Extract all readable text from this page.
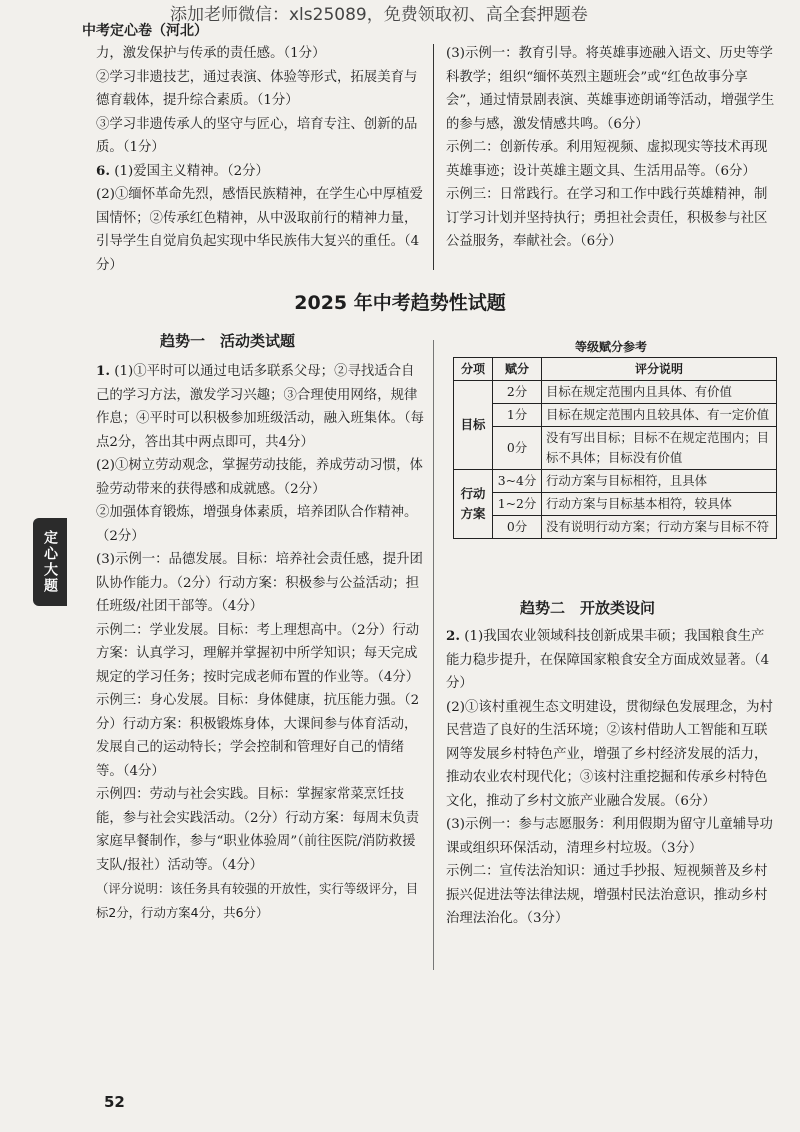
添加老师微信：xls25089，免费领取初、高全套押题卷
中考定心卷（河北）

力，激发保护与传承的责任感。（1分）

②学习非遗技艺，通过表演、体验等形式，拓展美育与德育载体，提升综合素质。（1分）

③学习非遗传承人的坚守与匠心，培育专注、创新的品质。（1分）

6. (1)爱国主义精神。（2分）

(2)①缅怀革命先烈，感悟民族精神，在学生心中厚植爱国情怀；②传承红色精神，从中汲取前行的精神力量，引导学生自觉肩负起实现中华民族伟大复兴的重任。（4分）

(3)示例一：教育引导。将英雄事迹融入语文、历史等学科教学；组织“缅怀英烈主题班会”或“红色故事分享会”，通过情景剧表演、英雄事迹朗诵等活动，增强学生的参与感，激发情感共鸣。（6分）

示例二：创新传承。利用短视频、虚拟现实等技术再现英雄事迹；设计英雄主题文具、生活用品等。（6分）

示例三：日常践行。在学习和工作中践行英雄精神，制订学习计划并坚持执行；勇担社会责任，积极参与社区公益服务，奉献社会。（6分）

2025 年中考趋势性试题
趋势一　活动类试题

1. (1)①平时可以通过电话多联系父母；②寻找适合自己的学习方法，激发学习兴趣；③合理使用网络，规律作息；④平时可以积极参加班级活动，融入班集体。（每点2分，答出其中两点即可，共4分）

(2)①树立劳动观念，掌握劳动技能，养成劳动习惯，体验劳动带来的获得感和成就感。（2分）

②加强体育锻炼，增强身体素质，培养团队合作精神。（2分）

(3)示例一：品德发展。目标：培养社会责任感，提升团队协作能力。（2分）行动方案：积极参与公益活动；担任班级/社团干部等。（4分）

示例二：学业发展。目标：考上理想高中。（2分）行动方案：认真学习，理解并掌握初中所学知识；每天完成规定的学习任务；按时完成老师布置的作业等。（4分）

示例三：身心发展。目标：身体健康，抗压能力强。（2分）行动方案：积极锻炼身体，大课间参与体育活动，发展自己的运动特长；学会控制和管理好自己的情绪等。（4分）

示例四：劳动与社会实践。目标：掌握家常菜烹饪技能，参与社会实践活动。（2分）行动方案：每周末负责家庭早餐制作，参与“职业体验周”（前往医院/消防救援支队/报社）活动等。（4分）

（评分说明：该任务具有较强的开放性，实行等级评分，目标2分，行动方案4分，共6分）

等级赋分参考
分项	赋分	评分说明
目标	2分	目标在规定范围内且具体、有价值
	1分	目标在规定范围内且较具体、有一定价值
	0分	没有写出目标；目标不在规定范围内；目标不具体；目标没有价值
行动方案	3~4分	行动方案与目标相符，且具体
	1~2分	行动方案与目标基本相符，较具体
	0分	没有说明行动方案；行动方案与目标不符
趋势二　开放类设问

2. (1)我国农业领域科技创新成果丰硕；我国粮食生产能力稳步提升，在保障国家粮食安全方面成效显著。（4分）

(2)①该村重视生态文明建设，贯彻绿色发展理念，为村民营造了良好的生活环境；②该村借助人工智能和互联网等发展乡村特色产业，增强了乡村经济发展的活力，推动农业农村现代化；③该村注重挖掘和传承乡村特色文化，推动了乡村文旅产业融合发展。（6分）

(3)示例一：参与志愿服务：利用假期为留守儿童辅导功课或组织环保活动，清理乡村垃圾。（3分）

示例二：宣传法治知识：通过手抄报、短视频普及乡村振兴促进法等法律法规，增强村民法治意识，推动乡村治理法治化。（3分）

定心大题
52
